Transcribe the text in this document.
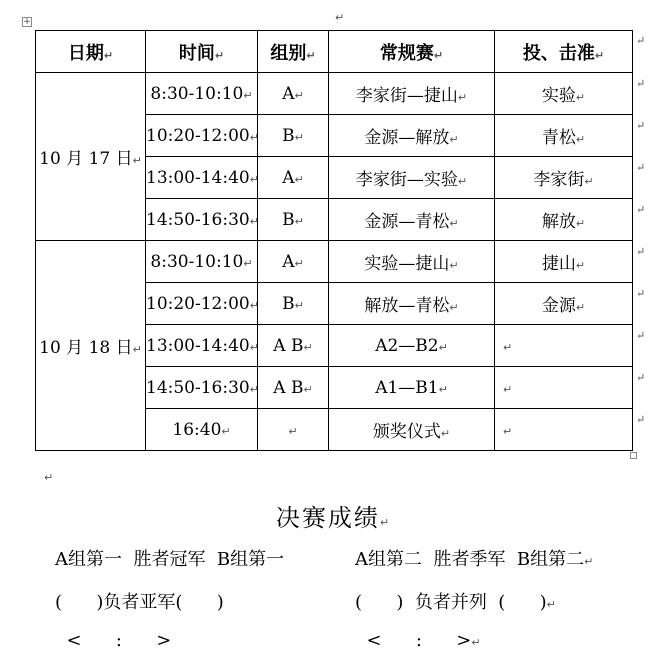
+	↵
日期↵	时间↵	组别↵	常规赛↵	投、击准↵
10 月 17 日↵	8:30-10:10↵	A↵	李家街—捷山↵	实验↵
	10:20-12:00↵	B↵	金源—解放↵	青松↵
	13:00-14:40↵	A↵	李家街—实验↵	李家街↵
	14:50-16:30↵	B↵	金源—青松↵	解放↵
10 月 18 日↵	8:30-10:10↵	A↵	实验—捷山↵	捷山↵
	10:20-12:00↵	B↵	解放—青松↵	金源↵
	13:00-14:40↵	A B↵	A2—B2↵	↵
	14:50-16:30↵	A B↵	A1—B1↵	↵
	16:40↵	↵	颁奖仪式↵	↵
↵
↵
↵
↵
↵
↵
↵
↵
↵
↵
↵
决赛成绩↵
A组第一  胜者冠军  B组第一	A组第二  胜者季军  B组第二↵
(      )负者亚军(      )	(      )  负者并列  (      )↵
<      :      >	<      :      >↵
